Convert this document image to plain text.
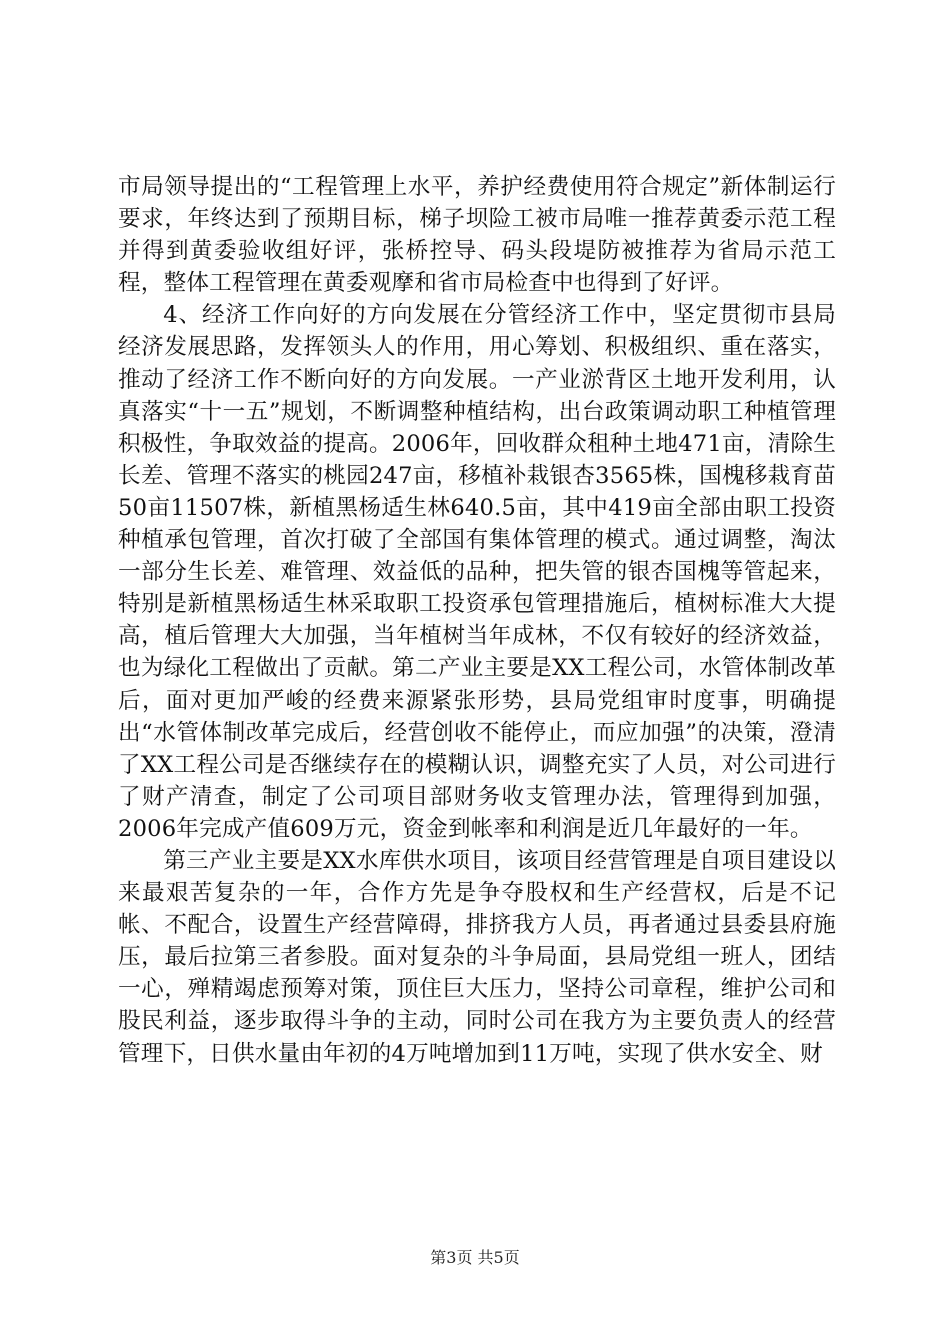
市局领导提出的“工程管理上水平，养护经费使用符合规定”新体制运行要求，年终达到了预期目标，梯子坝险工被市局唯一推荐黄委示范工程并得到黄委验收组好评，张桥控导、码头段堤防被推荐为省局示范工程，整体工程管理在黄委观摩和省市局检查中也得到了好评。

4、经济工作向好的方向发展在分管经济工作中，坚定贯彻市县局经济发展思路，发挥领头人的作用，用心筹划、积极组织、重在落实，推动了经济工作不断向好的方向发展。一产业淤背区土地开发利用，认真落实“十一五”规划，不断调整种植结构，出台政策调动职工种植管理积极性，争取效益的提高。2006年，回收群众租种土地471亩，清除生长差、管理不落实的桃园247亩，移植补栽银杏3565株，国槐移栽育苗50亩11507株，新植黑杨适生林640.5亩，其中419亩全部由职工投资种植承包管理，首次打破了全部国有集体管理的模式。通过调整，淘汰一部分生长差、难管理、效益低的品种，把失管的银杏国槐等管起来，特别是新植黑杨适生林采取职工投资承包管理措施后，植树标准大大提高，植后管理大大加强，当年植树当年成林，不仅有较好的经济效益，也为绿化工程做出了贡献。第二产业主要是XX工程公司，水管体制改革后，面对更加严峻的经费来源紧张形势，县局党组审时度事，明确提出“水管体制改革完成后，经营创收不能停止，而应加强”的决策，澄清了XX工程公司是否继续存在的模糊认识，调整充实了人员，对公司进行了财产清查，制定了公司项目部财务收支管理办法，管理得到加强，2006年完成产值609万元，资金到帐率和利润是近几年最好的一年。

第三产业主要是XX水库供水项目，该项目经营管理是自项目建设以来最艰苦复杂的一年，合作方先是争夺股权和生产经营权，后是不记帐、不配合，设置生产经营障碍，排挤我方人员，再者通过县委县府施压，最后拉第三者参股。面对复杂的斗争局面，县局党组一班人，团结一心，殚精竭虑预筹对策，顶住巨大压力，坚持公司章程，维护公司和股民利益，逐步取得斗争的主动，同时公司在我方为主要负责人的经营管理下，日供水量由年初的4万吨增加到11万吨，实现了供水安全、财

第3页 共5页
